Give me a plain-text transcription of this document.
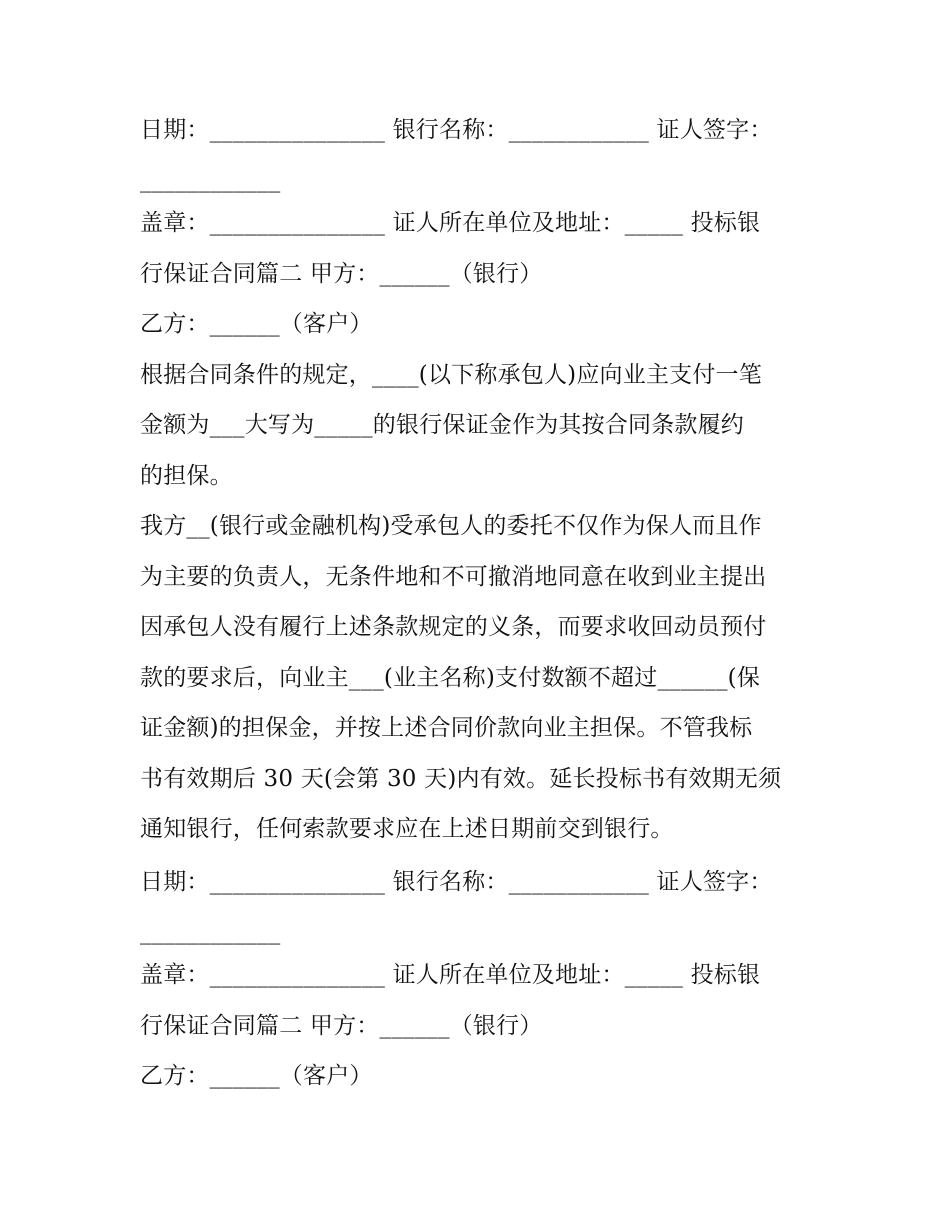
日期：_______________ 银行名称：____________ 证人签字：
____________
盖章：_______________ 证人所在单位及地址：_____ 投标银
行保证合同篇二 甲方：______（银行）
乙方：______（客户）
根据合同条件的规定，____(以下称承包人)应向业主支付一笔
金额为___大写为_____的银行保证金作为其按合同条款履约
的担保。
我方__(银行或金融机构)受承包人的委托不仅作为保人而且作
为主要的负责人，无条件地和不可撤消地同意在收到业主提出
因承包人没有履行上述条款规定的义条，而要求收回动员预付
款的要求后，向业主___(业主名称)支付数额不超过______(保
证金额)的担保金，并按上述合同价款向业主担保。不管我标
书有效期后 30 天(会第 30 天)内有效。延长投标书有效期无须
通知银行，任何索款要求应在上述日期前交到银行。
日期：_______________ 银行名称：____________ 证人签字：
____________
盖章：_______________ 证人所在单位及地址：_____ 投标银
行保证合同篇二 甲方：______（银行）
乙方：______（客户）
